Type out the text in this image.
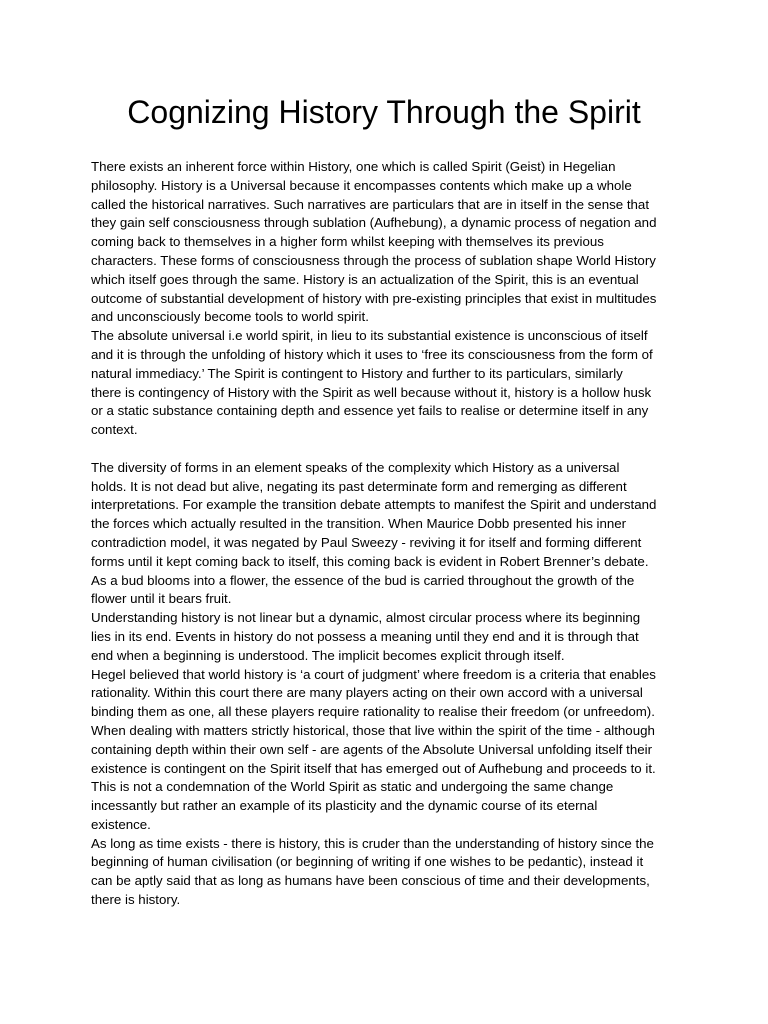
Cognizing History Through the Spirit

There exists an inherent force within History, one which is called Spirit (Geist) in Hegelian
philosophy. History is a Universal because it encompasses contents which make up a whole
called the historical narratives. Such narratives are particulars that are in itself in the sense that
they gain self consciousness through sublation (Aufhebung), a dynamic process of negation and
coming back to themselves in a higher form whilst keeping with themselves its previous
characters. These forms of consciousness through the process of sublation shape World History
which itself goes through the same. History is an actualization of the Spirit, this is an eventual
outcome of substantial development of history with pre-existing principles that exist in multitudes
and unconsciously become tools to world spirit.

The absolute universal i.e world spirit, in lieu to its substantial existence is unconscious of itself
and it is through the unfolding of history which it uses to ‘free its consciousness from the form of
natural immediacy.’ The Spirit is contingent to History and further to its particulars, similarly
there is contingency of History with the Spirit as well because without it, history is a hollow husk
or a static substance containing depth and essence yet fails to realise or determine itself in any
context.

The diversity of forms in an element speaks of the complexity which History as a universal
holds. It is not dead but alive, negating its past determinate form and remerging as different
interpretations. For example the transition debate attempts to manifest the Spirit and understand
the forces which actually resulted in the transition. When Maurice Dobb presented his inner
contradiction model, it was negated by Paul Sweezy - reviving it for itself and forming different
forms until it kept coming back to itself, this coming back is evident in Robert Brenner’s debate.
As a bud blooms into a flower, the essence of the bud is carried throughout the growth of the
flower until it bears fruit.

Understanding history is not linear but a dynamic, almost circular process where its beginning
lies in its end. Events in history do not possess a meaning until they end and it is through that
end when a beginning is understood. The implicit becomes explicit through itself.

Hegel believed that world history is ‘a court of judgment’ where freedom is a criteria that enables
rationality. Within this court there are many players acting on their own accord with a universal
binding them as one, all these players require rationality to realise their freedom (or unfreedom).
When dealing with matters strictly historical, those that live within the spirit of the time - although
containing depth within their own self - are agents of the Absolute Universal unfolding itself their
existence is contingent on the Spirit itself that has emerged out of Aufhebung and proceeds to it.
This is not a condemnation of the World Spirit as static and undergoing the same change
incessantly but rather an example of its plasticity and the dynamic course of its eternal
existence.

As long as time exists - there is history, this is cruder than the understanding of history since the
beginning of human civilisation (or beginning of writing if one wishes to be pedantic), instead it
can be aptly said that as long as humans have been conscious of time and their developments,
there is history.
